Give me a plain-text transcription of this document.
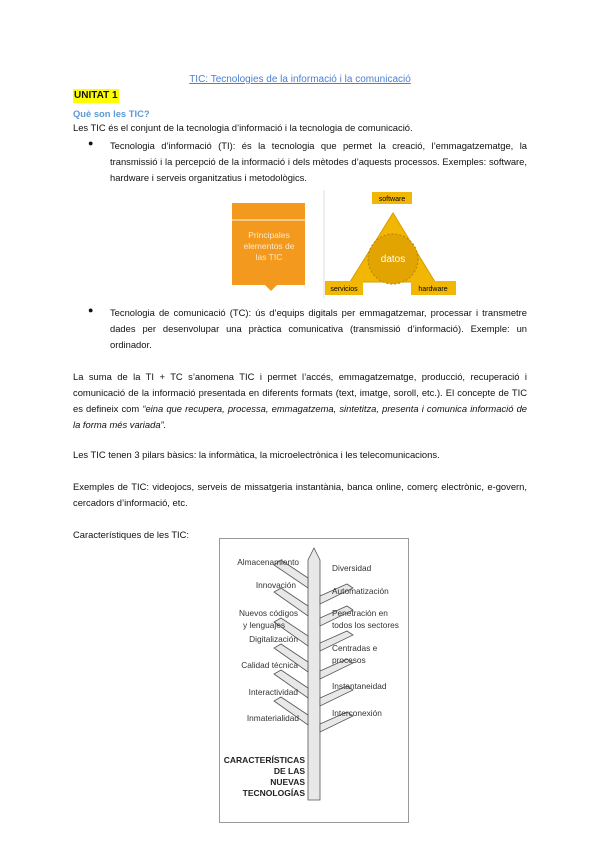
TIC: Tecnologies de la informació i la comunicació
UNITAT 1
Què son les TIC?
Les TIC és el conjunt de la tecnologia d’informació i la tecnologia de comunicació.
● Tecnologia d’informació (TI): és la tecnologia que permet la creació, l’emmagatzematge, la transmissió i la percepció de la informació i dels mètodes d’aquests processos. Exemples: software, hardware i serveis organitzatius i metodològics.
Principales elementos de las TIC	datos
software
servicios	hardware
● Tecnologia de comunicació (TC): ús d’equips digitals per emmagatzemar, processar i transmetre dades per desenvolupar una pràctica comunicativa (transmissió d’informació). Exemple: un ordinador.
La suma de la TI + TC s’anomena TIC i permet l’accés, emmagatzematge, producció, recuperació i comunicació de la informació presentada en diferents formats (text, imatge, soroll, etc.). El concepte de TIC es defineix com “eina que recupera, processa, emmagatzema, sintetitza, presenta i comunica informació de la forma més variada”.
Les TIC tenen 3 pilars bàsics: la informàtica, la microelectrònica i les telecomunicacions.
Exemples de TIC: videojocs, serveis de missatgeria instantània, banca online, comerç electrònic, e-govern, cercadors d’informació, etc.
Característiques de les TIC:
Almacenamiento
Innovación
Nuevos códigos
y lenguajes
Digitalización
Calidad técnica
Interactividad
Inmaterialidad
Diversidad
Automatización
Penetración en
todos los sectores
Centradas e
procesos
Instantaneidad
Interconexión
CARACTERÍSTICAS
DE LAS
NUEVAS
TECNOLOGÍAS
